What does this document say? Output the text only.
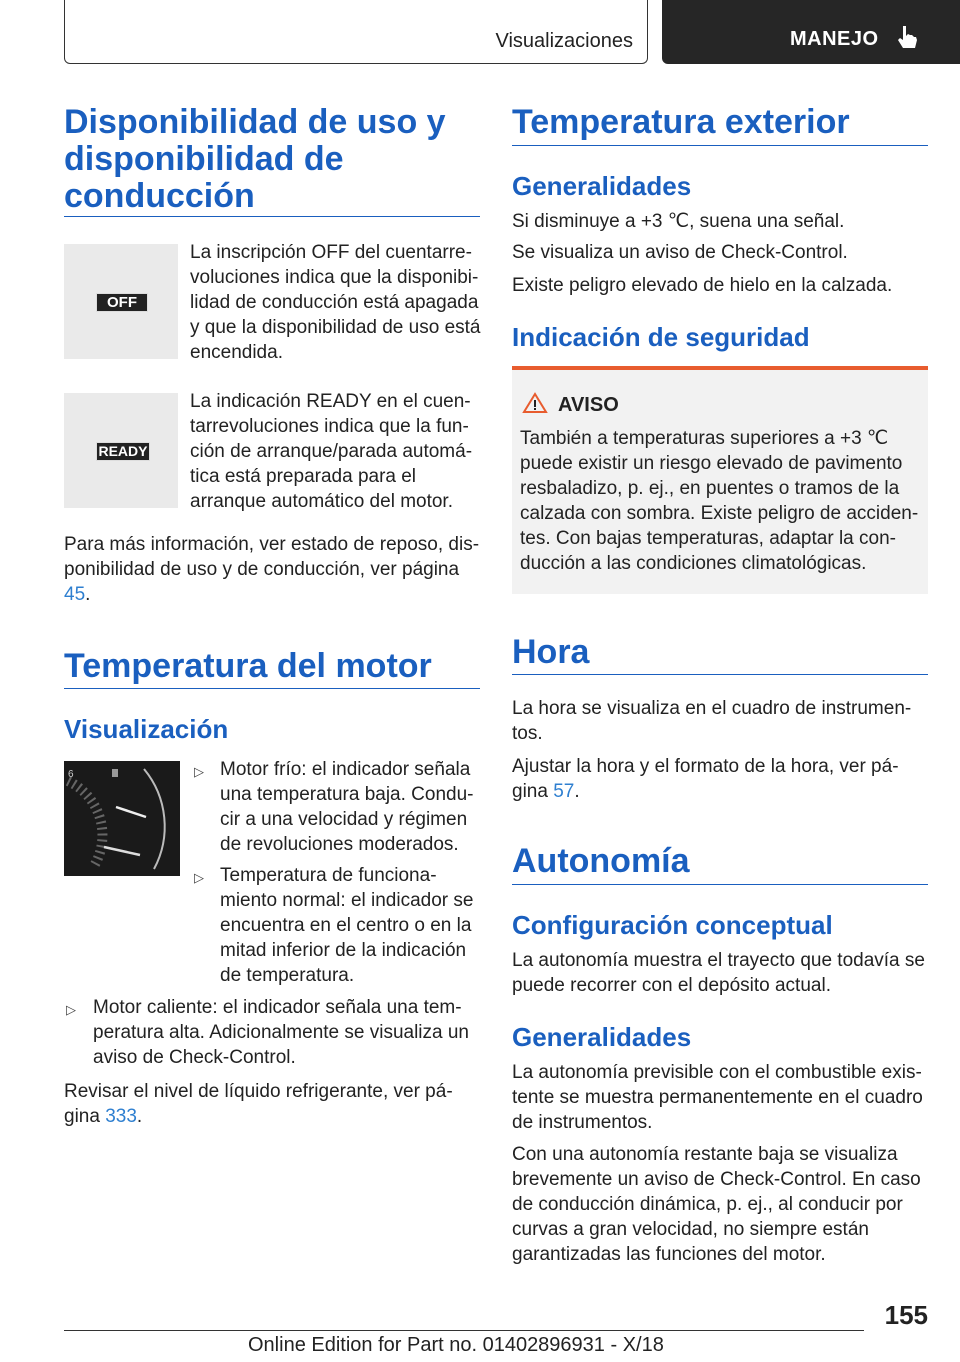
Visualizaciones	MANEJO
Disponibilidad de uso y disponibilidad de conducción
OFF
La inscripción OFF del cuentarrevoluciones indica que la disponibilidad de conducción está apagada y que la disponibilidad de uso está encendida.
READY
La indicación READY en el cuentarrevoluciones indica que la función de arranque/parada automática está preparada para el arranque automático del motor.
Para más información, ver estado de reposo, disponibilidad de uso y de conducción, ver página 45.
Temperatura del motor
Visualización
6	▷ Motor frío: el indicador señala una temperatura baja. Conducir a una velocidad y régimen de revoluciones moderados.
▷ Temperatura de funcionamiento normal: el indicador se encuentra en el centro o en la mitad inferior de la indicación de temperatura.
▷ Motor caliente: el indicador señala una temperatura alta. Adicionalmente se visualiza un aviso de Check-Control.
Revisar el nivel de líquido refrigerante, ver página 333.
Temperatura exterior
Generalidades
Si disminuye a +3 ℃, suena una señal.
Se visualiza un aviso de Check-Control.
Existe peligro elevado de hielo en la calzada.
Indicación de seguridad
AVISO
También a temperaturas superiores a +3 ℃ puede existir un riesgo elevado de pavimento resbaladizo, p. ej., en puentes o tramos de la calzada con sombra. Existe peligro de accidentes. Con bajas temperaturas, adaptar la conducción a las condiciones climatológicas.
Hora
La hora se visualiza en el cuadro de instrumentos.
Ajustar la hora y el formato de la hora, ver página 57.
Autonomía
Configuración conceptual
La autonomía muestra el trayecto que todavía se puede recorrer con el depósito actual.
Generalidades
La autonomía previsible con el combustible existente se muestra permanentemente en el cuadro de instrumentos.
Con una autonomía restante baja se visualiza brevemente un aviso de Check-Control. En caso de conducción dinámica, p. ej., al conducir por curvas a gran velocidad, no siempre están garantizadas las funciones del motor.
155
Online Edition for Part no. 01402896931 - X/18
